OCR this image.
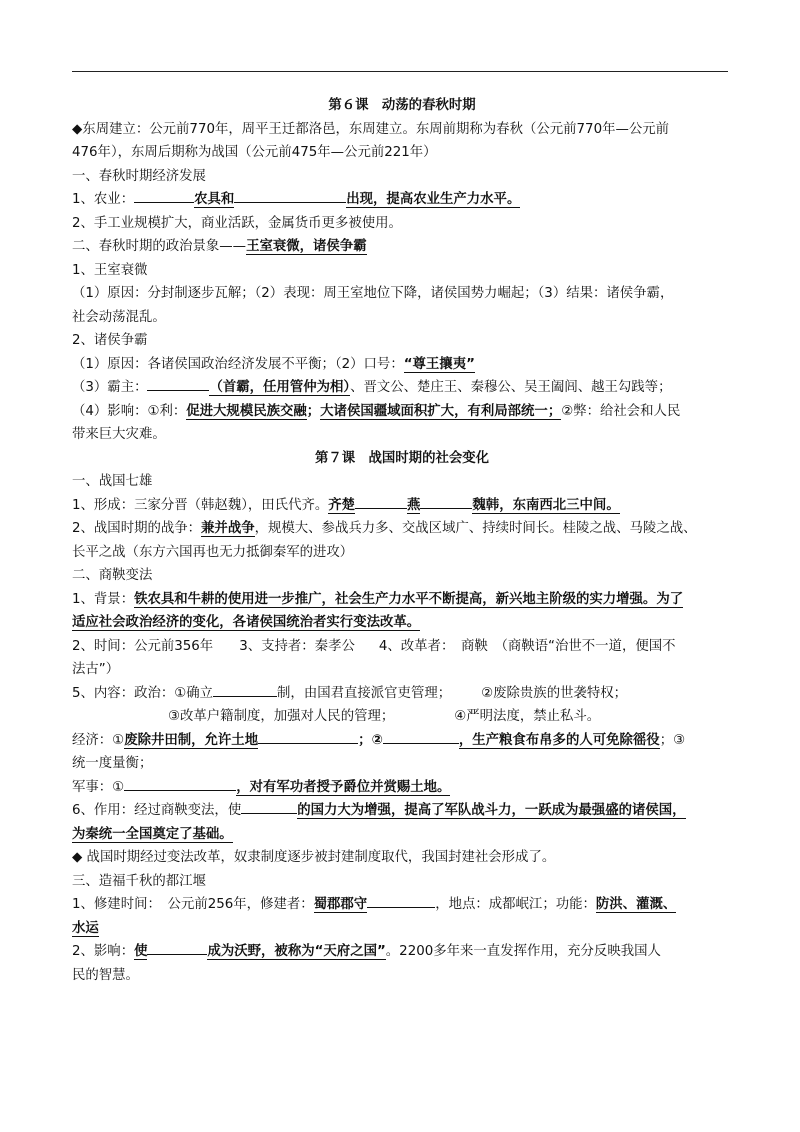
第６课　动荡的春秋时期
◆东周建立：公元前770年，周平王迁都洛邑，东周建立。东周前期称为春秋（公元前770年—公元前
476年），东周后期称为战国（公元前475年—公元前221年）
一、春秋时期经济发展
1、农业：	农具和	出现，提高农业生产力水平。
2、手工业规模扩大，商业活跃，金属货币更多被使用。
二、春秋时期的政治景象——王室衰微，诸侯争霸
1、王室衰微
（1）原因：分封制逐步瓦解；（2）表现：周王室地位下降，诸侯国势力崛起；（3）结果：诸侯争霸，
社会动荡混乱。
2、诸侯争霸
（1）原因：各诸侯国政治经济发展不平衡；（2）口号：“尊王攘夷”
（3）霸主：	（首霸，任用管仲为相）、晋文公、楚庄王、秦穆公、吴王阖闾、越王勾践等；
（4）影响：①利：促进大规模民族交融；大诸侯国疆域面积扩大，有利局部统一；②弊：给社会和人民
带来巨大灾难。
第７课　战国时期的社会变化
一、战国七雄
1、形成：三家分晋（韩赵魏），田氏代齐。齐楚	燕	魏韩，东南西北三中间。
2、战国时期的战争：兼并战争，规模大、参战兵力多、交战区域广、持续时间长。桂陵之战、马陵之战、
长平之战（东方六国再也无力抵御秦军的进攻）
二、商鞅变法
1、背景：铁农具和牛耕的使用进一步推广，社会生产力水平不断提高，新兴地主阶级的实力增强。为了
适应社会政治经济的变化，各诸侯国统治者实行变法改革。
2、时间：公元前356年 3、支持者：秦孝公 4、改革者：　商鞅　（商鞅语“治世不一道，便国不
法古”）
5、内容：政治：①确立	制，由国君直接派官吏管理； ②废除贵族的世袭特权；
③改革户籍制度，加强对人民的管理；	④严明法度，禁止私斗。
经济：①废除井田制，允许土地	；②	，生产粮食布帛多的人可免除徭役；③
统一度量衡；
军事：①	，对有军功者授予爵位并赏赐土地。
6、作用：经过商鞅变法，使	的国力大为增强，提高了军队战斗力，一跃成为最强盛的诸侯国，
为秦统一全国奠定了基础。
◆ 战国时期经过变法改革，奴隶制度逐步被封建制度取代，我国封建社会形成了。
三、造福千秋的都江堰
1、修建时间：　公元前256年，修建者：蜀郡郡守	，地点：成都岷江；功能：防洪、灌溉、
水运
2、影响：使	成为沃野，被称为“天府之国”。2200多年来一直发挥作用，充分反映我国人
民的智慧。
